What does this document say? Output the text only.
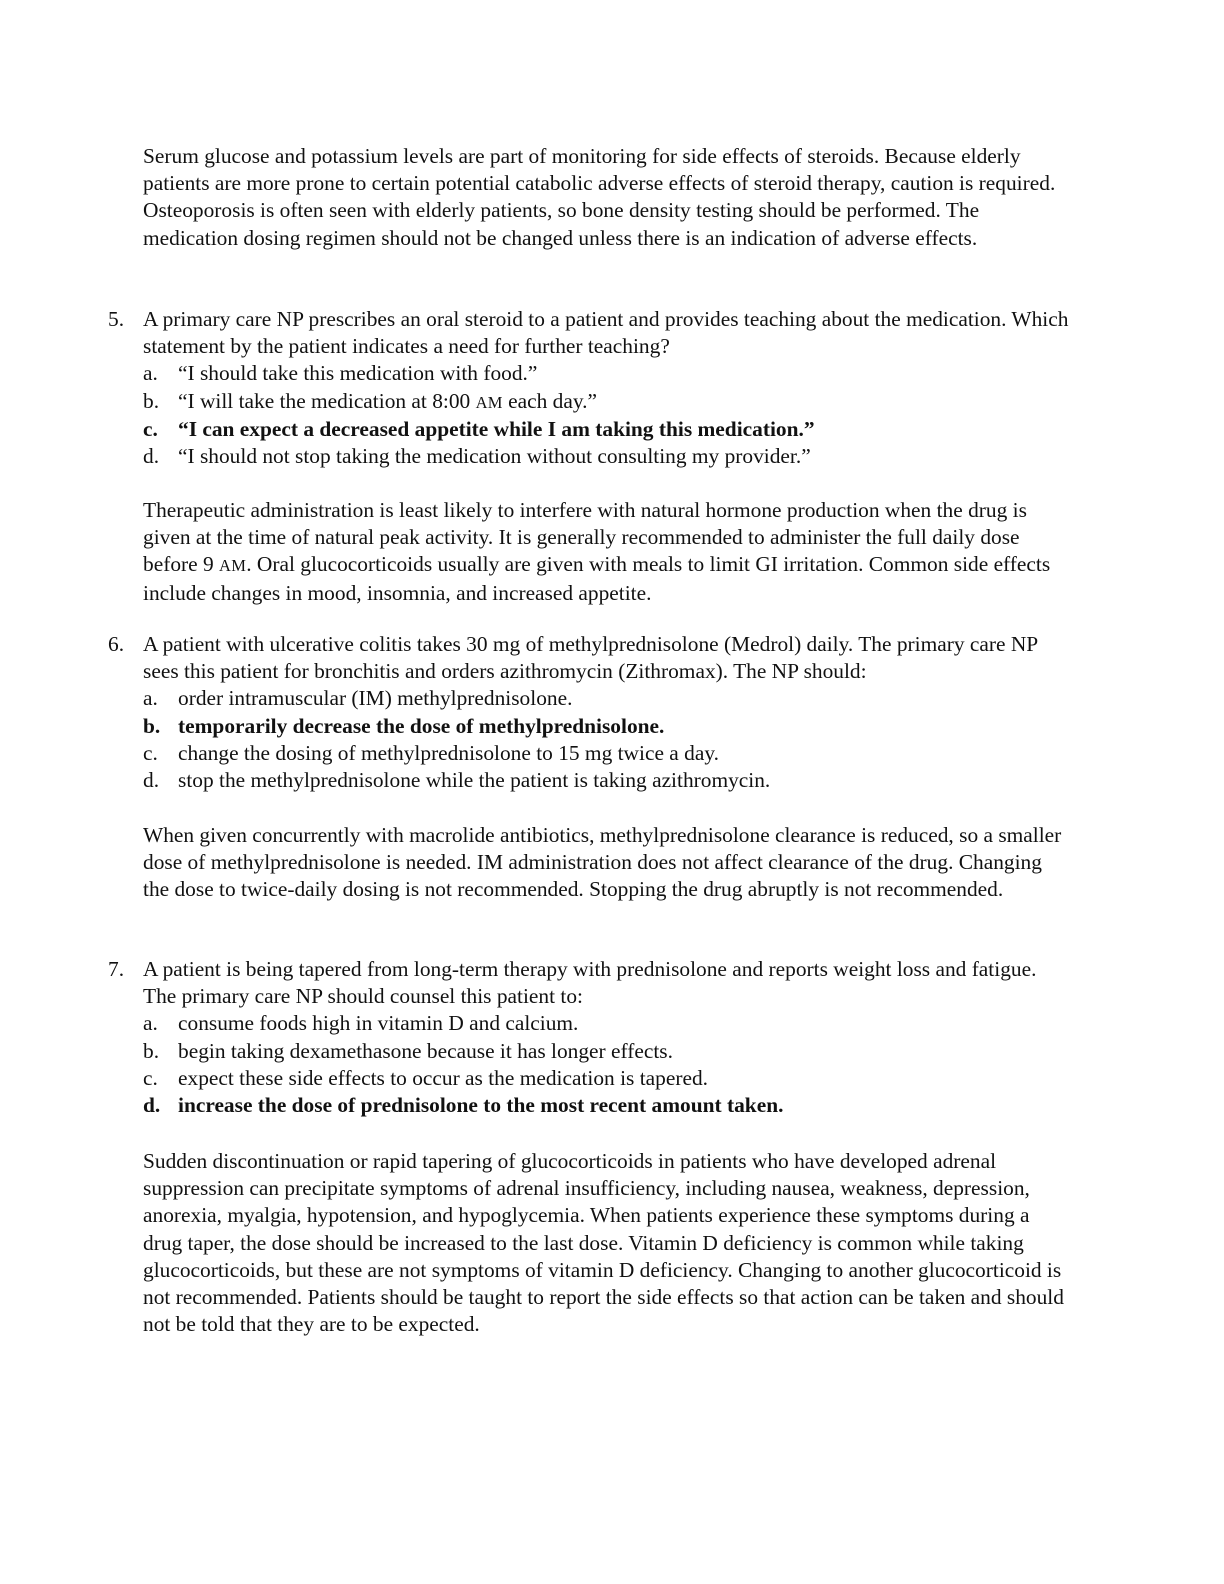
Serum glucose and potassium levels are part of monitoring for side effects of steroids. Because elderly patients are more prone to certain potential catabolic adverse effects of steroid therapy, caution is required. Osteoporosis is often seen with elderly patients, so bone density testing should be performed. The medication dosing regimen should not be changed unless there is an indication of adverse effects.

5. A primary care NP prescribes an oral steroid to a patient and provides teaching about the medication. Which statement by the patient indicates a need for further teaching?
a. “I should take this medication with food.”
b. “I will take the medication at 8:00 AM each day.”
c. “I can expect a decreased appetite while I am taking this medication.”
d. “I should not stop taking the medication without consulting my provider.”

Therapeutic administration is least likely to interfere with natural hormone production when the drug is given at the time of natural peak activity. It is generally recommended to administer the full daily dose before 9 AM. Oral glucocorticoids usually are given with meals to limit GI irritation. Common side effects include changes in mood, insomnia, and increased appetite.

6. A patient with ulcerative colitis takes 30 mg of methylprednisolone (Medrol) daily. The primary care NP sees this patient for bronchitis and orders azithromycin (Zithromax). The NP should:
a. order intramuscular (IM) methylprednisolone.
b. temporarily decrease the dose of methylprednisolone.
c. change the dosing of methylprednisolone to 15 mg twice a day.
d. stop the methylprednisolone while the patient is taking azithromycin.

When given concurrently with macrolide antibiotics, methylprednisolone clearance is reduced, so a smaller dose of methylprednisolone is needed. IM administration does not affect clearance of the drug. Changing the dose to twice-daily dosing is not recommended. Stopping the drug abruptly is not recommended.

7. A patient is being tapered from long-term therapy with prednisolone and reports weight loss and fatigue. The primary care NP should counsel this patient to:
a. consume foods high in vitamin D and calcium.
b. begin taking dexamethasone because it has longer effects.
c. expect these side effects to occur as the medication is tapered.
d. increase the dose of prednisolone to the most recent amount taken.

Sudden discontinuation or rapid tapering of glucocorticoids in patients who have developed adrenal suppression can precipitate symptoms of adrenal insufficiency, including nausea, weakness, depression, anorexia, myalgia, hypotension, and hypoglycemia. When patients experience these symptoms during a drug taper, the dose should be increased to the last dose. Vitamin D deficiency is common while taking glucocorticoids, but these are not symptoms of vitamin D deficiency. Changing to another glucocorticoid is not recommended. Patients should be taught to report the side effects so that action can be taken and should not be told that they are to be expected.
